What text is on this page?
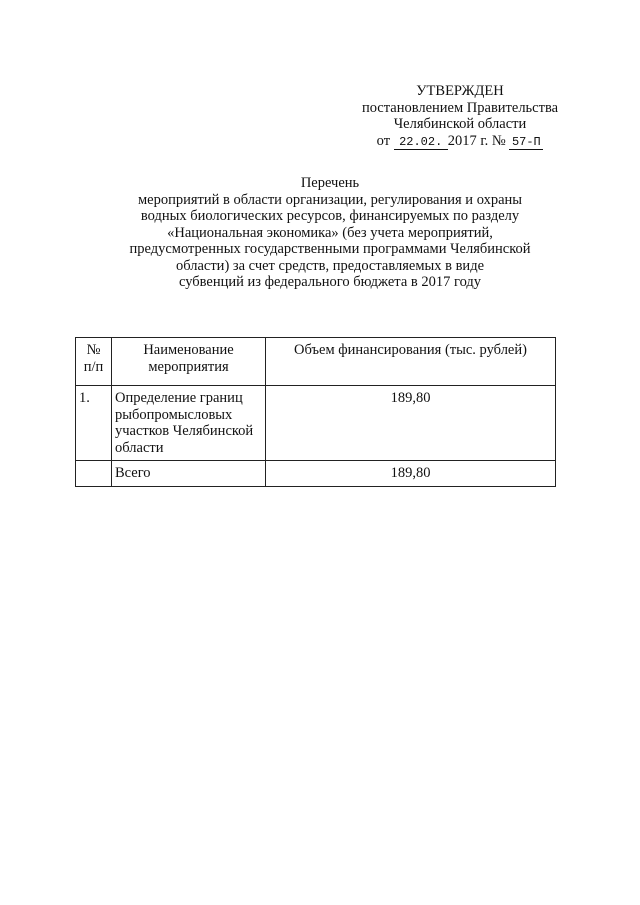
УТВЕРЖДЕН
постановлением Правительства
Челябинской области
от 22.02. 2017 г. № 57-П
Перечень
мероприятий в области организации, регулирования и охраны
водных биологических ресурсов, финансируемых по разделу
«Национальная экономика» (без учета мероприятий,
предусмотренных государственными программами Челябинской
области) за счет средств, предоставляемых в виде
субвенций из федерального бюджета в 2017 году
№ п/п	Наименование мероприятия	Объем финансирования (тыс. рублей)
1.	Определение границ рыбопромысловых участков Челябинской области	189,80
	Всего	189,80
